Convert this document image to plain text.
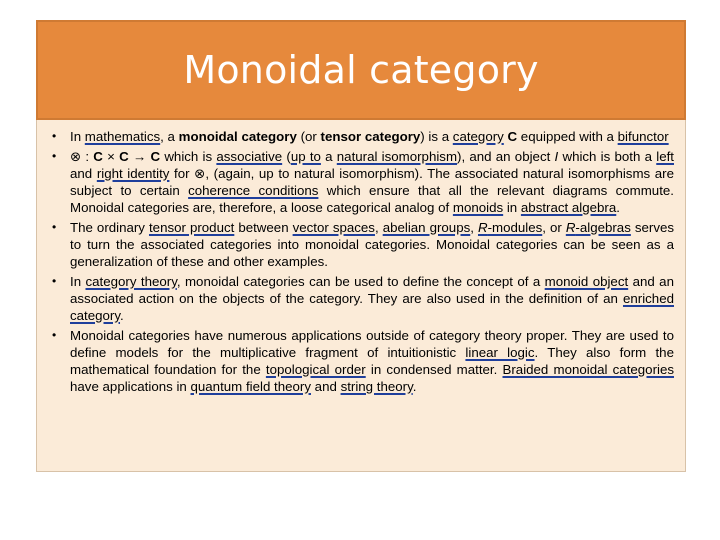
Monoidal category
• In mathematics, a monoidal category (or tensor category) is a category C equipped with a bifunctor
• ⊗ : C × C → C which is associative (up to a natural isomorphism), and an object I which is both a left and right identity for ⊗, (again, up to natural isomorphism). The associated natural isomorphisms are subject to certain coherence conditions which ensure that all the relevant diagrams commute. Monoidal categories are, therefore, a loose categorical analog of monoids in abstract algebra.
• The ordinary tensor product between vector spaces, abelian groups, R-modules, or R-algebras serves to turn the associated categories into monoidal categories. Monoidal categories can be seen as a generalization of these and other examples.
• In category theory, monoidal categories can be used to define the concept of a monoid object and an associated action on the objects of the category. They are also used in the definition of an enriched category.
• Monoidal categories have numerous applications outside of category theory proper. They are used to define models for the multiplicative fragment of intuitionistic linear logic. They also form the mathematical foundation for the topological order in condensed matter. Braided monoidal categories have applications in quantum field theory and string theory.
